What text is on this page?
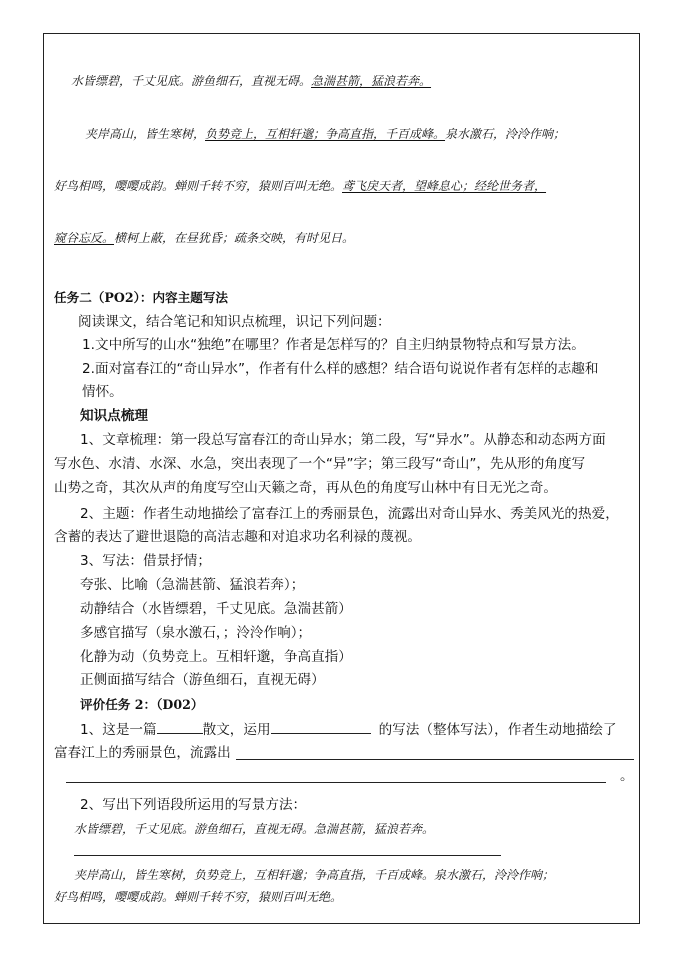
水皆缥碧，千丈见底。游鱼细石，直视无碍。急湍甚箭，猛浪若奔。
夹岸高山，皆生寒树，负势竞上，互相轩邈；争高直指，千百成峰。泉水激石，泠泠作响；
好鸟相鸣，嘤嘤成韵。蝉则千转不穷，猿则百叫无绝。鸢飞戾天者，望峰息心；经纶世务者，
窥谷忘反。横柯上蔽，在昼犹昏；疏条交映，有时见日。
任务二（PO2）：内容主题写法
阅读课文，结合笔记和知识点梳理，识记下列问题：
1.文中所写的山水“独绝”在哪里？作者是怎样写的？自主归纳景物特点和写景方法。
2.面对富春江的“奇山异水”，作者有什么样的感想？结合语句说说作者有怎样的志趣和
情怀。
知识点梳理
1、文章梳理：第一段总写富春江的奇山异水；第二段，写“异水”。从静态和动态两方面
写水色、水清、水深、水急，突出表现了一个“异”字；第三段写“奇山”，先从形的角度写
山势之奇，其次从声的角度写空山天籁之奇，再从色的角度写山林中有日无光之奇。
2、主题：作者生动地描绘了富春江上的秀丽景色，流露出对奇山异水、秀美风光的热爱，
含蓄的表达了避世退隐的高洁志趣和对追求功名利禄的蔑视。
3、写法：借景抒情；
夸张、比喻（急湍甚箭、猛浪若奔）；
动静结合（水皆缥碧，千丈见底。急湍甚箭）
多感官描写（泉水激石，；泠泠作响）；
化静为动（负势竞上。互相轩邈，争高直指）
正侧面描写结合（游鱼细石，直视无碍）
评价任务 2：（D02）
1、这是一篇	散文，运用	的写法（整体写法），作者生动地描绘了
富春江上的秀丽景色，流露出
。
2、写出下列语段所运用的写景方法：
水皆缥碧，千丈见底。游鱼细石，直视无碍。急湍甚箭，猛浪若奔。
夹岸高山，皆生寒树，负势竞上，互相轩邈；争高直指，千百成峰。泉水激石，泠泠作响；
好鸟相鸣，嘤嘤成韵。蝉则千转不穷，猿则百叫无绝。
